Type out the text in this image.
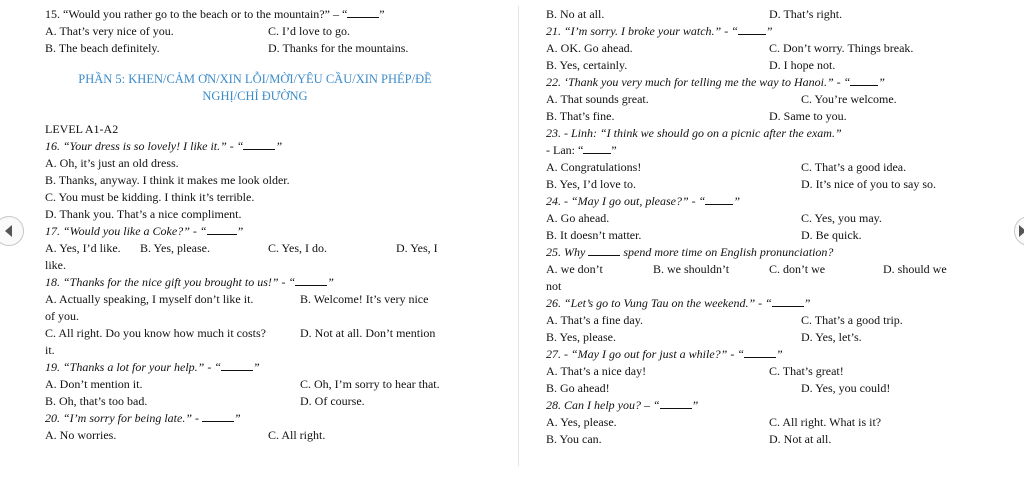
15. “Would you rather go to the beach or to the mountain?” – “	”
A. That’s very nice of you.	C. I’d love to go.
B. The beach definitely.	D. Thanks for the mountains.
PHẦN 5: KHEN/CẢM ƠN/XIN LỖI/MỜI/YÊU CẦU/XIN PHÉP/ĐỀ
NGHỊ/CHỈ ĐƯỜNG
LEVEL A1-A2
16. “Your dress is so lovely! I like it.” - “	”
A. Oh, it’s just an old dress.
B. Thanks, anyway. I think it makes me look older.
C. You must be kidding. I think it’s terrible.
D. Thank you. That’s a nice compliment.
17. “Would you like a Coke?” - “	”
A. Yes, I’d like. B. Yes, please.	C. Yes, I do.	D. Yes, I
like.
18. “Thanks for the nice gift you brought to us!” - “	”
A. Actually speaking, I myself don’t like it.	B. Welcome! It’s very nice
of you.
C. All right. Do you know how much it costs?	D. Not at all. Don’t mention
it.
19. “Thanks a lot for your help.” - “	”
A. Don’t mention it.	C. Oh, I’m sorry to hear that.
B. Oh, that’s too bad.	D. Of course.
20. “I’m sorry for being late.” -	”
A. No worries.	C. All right.
B. No at all.	D. That’s right.
21. “I’m sorry. I broke your watch.” - “ ”
A. OK. Go ahead.	C. Don’t worry. Things break.
B. Yes, certainly.	D. I hope not.
22. ‘Thank you very much for telling me the way to Hanoi.” - “ ”
A. That sounds great.	C. You’re welcome.
B. That’s fine.	D. Same to you.
23. - Linh: “I think we should go on a picnic after the exam.”
- Lan: “ ”
A. Congratulations!	C. That’s a good idea.
B. Yes, I’d love to.	D. It’s nice of you to say so.
24. - “May I go out, please?” - “ ”
A. Go ahead.	C. Yes, you may.
B. It doesn’t matter.	D. Be quick.
25. Why	spend more time on English pronunciation?
A. we don’t	B. we shouldn’t	C. don’t we	D. should we
not
26. “Let’s go to Vung Tau on the weekend.” - “	”
A. That’s a fine day.	C. That’s a good trip.
B. Yes, please.	D. Yes, let’s.
27. - “May I go out for just a while?” - “	”
A. That’s a nice day!	C. That’s great!
B. Go ahead!	D. Yes, you could!
28. Can I help you? – “	”
A. Yes, please.	C. All right. What is it?
B. You can.	D. Not at all.
